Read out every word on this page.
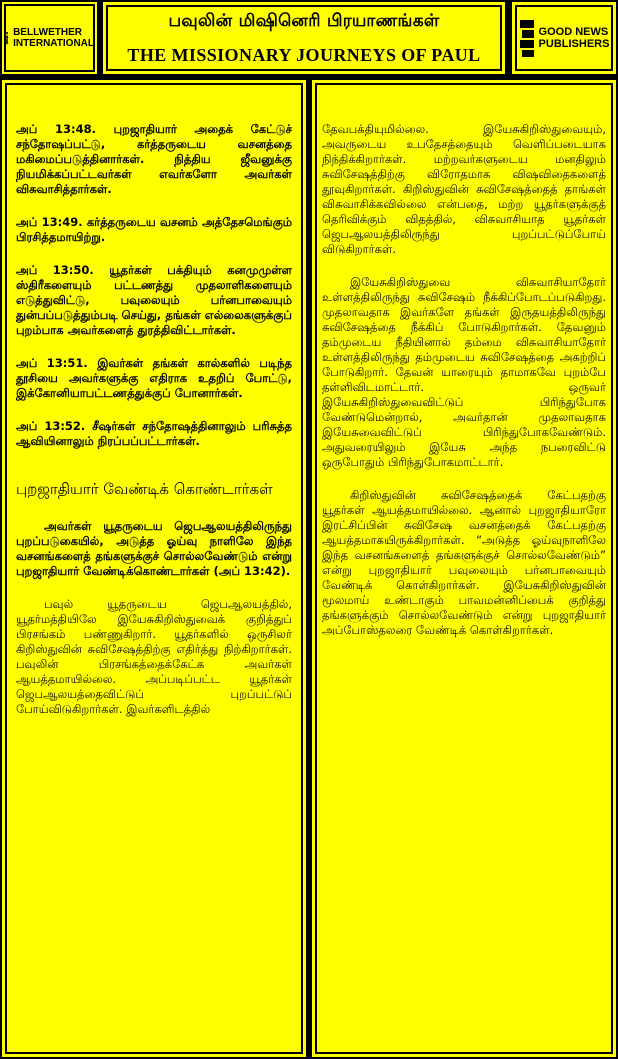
BELLWETHER
INTERNATIONAL
பவுலின் மிஷினெரி பிரயாணங்கள்
THE MISSIONARY JOURNEYS OF PAUL
GOOD NEWS
PUBLISHERS

அப் 13:48. புறஜாதியார் அதைக் கேட்டுச் சந்தோஷப்பட்டு, கர்த்தருடைய வசனத்தை மகிமைப்படுத்தினார்கள். நித்திய ஜீவனுக்கு நியமிக்கப்பட்டவர்கள் எவர்களோ அவர்கள் விசுவாசித்தார்கள்.

அப் 13:49. கர்த்தருடைய வசனம் அத்தேசமெங்கும் பிரசித்தமாயிற்று.

அப் 13:50. யூதர்கள் பக்தியும் கனமுமுள்ள ஸ்திரீகளையும் பட்டணத்து முதலாளிகளையும் எடுத்துவிட்டு, பவுலையும் பர்னபாவையும் துன்பப்படுத்தும்படி செய்து, தங்கள் எல்லைகளுக்குப் புறம்பாக அவர்களைத் துரத்திவிட்டார்கள்.

அப் 13:51. இவர்கள் தங்கள் கால்களில் படிந்த தூசியை அவர்களுக்கு எதிராக உதறிப் போட்டு, இக்கோனியாபட்டணத்துக்குப் போனார்கள்.

அப் 13:52. சீஷர்கள் சந்தோஷத்தினாலும் பரிசுத்த ஆவியினாலும் நிரப்பப்பட்டார்கள்.

புறஜாதியார் வேண்டிக் கொண்டார்கள்

அவர்கள் யூதருடைய ஜெபஆலயத்திலிருந்து புறப்படுகையில், அடுத்த ஓய்வு நாளிலே இந்த வசனங்களைத் தங்களுக்குச் சொல்லவேண்டும் என்று புறஜாதியார் வேண்டிக்கொண்டார்கள் (அப் 13:42).

பவுல் யூதருடைய ஜெபஆலயத்தில், யூதர்மத்தியிலே இயேசுகிறிஸ்துவைக் குறித்துப் பிரசங்கம் பண்ணுகிறார். யூதர்களில் ஒருசிலர் கிறிஸ்துவின் சுவிசேஷத்திற்கு எதிர்த்து நிற்கிறார்கள். பவுலின் பிரசங்கத்தைக்கேட்க அவர்கள் ஆயத்தமாயில்லை. அப்படிப்பட்ட யூதர்கள் ஜெபஆலயத்தைவிட்டுப் புறப்பட்டுப் போய்விடுகிறார்கள். இவர்களிடத்தில்

தேவபக்தியுமில்லை. இயேசுகிறிஸ்துவையும், அவருடைய உபதேசத்தையும் வெளிப்படையாக நிந்திக்கிறார்கள். மற்றவர்களுடைய மனதிலும் சுவிசேஷத்திற்கு விரோதமாக விஷவிதைகளைத் தூவுகிறார்கள். கிறிஸ்துவின் சுவிசேஷத்தைத் தாங்கள் விசுவாசிக்கவில்லை என்பதை, மற்ற யூதர்களுக்குத் தெரிவிக்கும் விதத்தில், விசுவாசியாத யூதர்கள் ஜெபஆலயத்திலிருந்து புறப்பட்டுப்போய் விடுகிறார்கள்.

இயேசுகிறிஸ்துவை விசுவாசியாதோர் உள்ளத்திலிருந்து சுவிசேஷம் நீக்கிப்போடப்படுகிறது. முதலாவதாக இவர்களே தங்கள் இருதயத்திலிருந்து சுவிசேஷத்தை நீக்கிப் போடுகிறார்கள். தேவனும் தம்முடைய நீதியினால் தம்மை விசுவாசியாதோர் உள்ளத்திலிருந்து தம்முடைய சுவிசேஷத்தை அகற்றிப் போடுகிறார். தேவன் யாரையும் தாமாகவே புறம்பே தள்ளிவிடமாட்டார். ஒருவர் இயேசுகிறிஸ்துவைவிட்டுப் பிரிந்துபோக வேண்டுமென்றால், அவர்தான் முதலாவதாக இயேசுவைவிட்டுப் பிரிந்துபோகவேண்டும். அதுவரையிலும் இயேசு அந்த நபரைவிட்டு ஒருபோதும் பிரிந்துபோகமாட்டார்.

கிறிஸ்துவின் சுவிசேஷத்தைக் கேட்பதற்கு யூதர்கள் ஆயத்தமாயில்லை. ஆனால் புறஜாதியாரோ இரட்சிப்பின் சுவிசேஷ வசனத்தைக் கேட்பதற்கு ஆயத்தமாகயிருக்கிறார்கள். “அடுத்த ஓய்வுநாளிலே இந்த வசனங்களைத் தங்களுக்குச் சொல்லவேண்டும்” என்று புறஜாதியார் பவுலையும் பர்னபாவையும் வேண்டிக் கொள்கிறார்கள். இயேசுகிறிஸ்துவின் மூலமாய் உண்டாகும் பாவமன்னிப்பைக் குறித்து தங்களுக்கும் சொல்லவேண்டும் என்று புறஜாதியார் அப்போஸ்தலரை வேண்டிக் கொள்கிறார்கள்.
